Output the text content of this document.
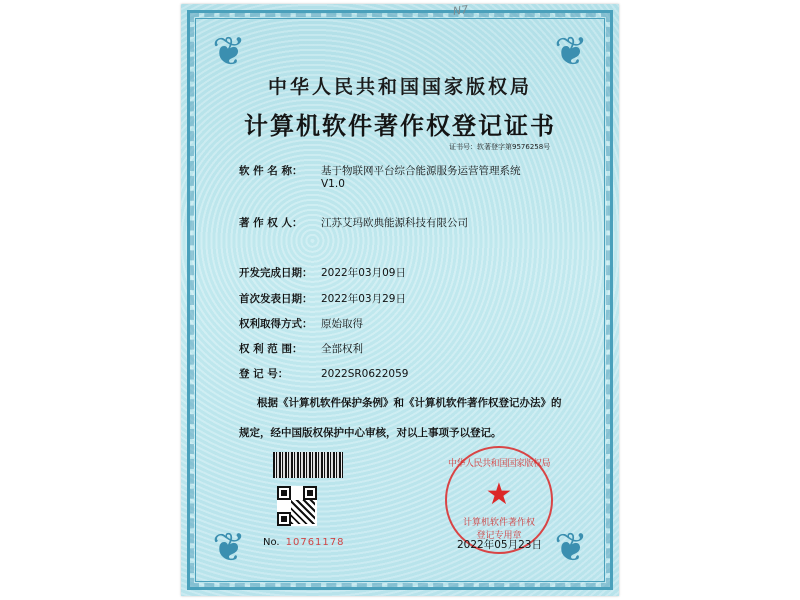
❦	❦
❦	❦
N7
中华人民共和国国家版权局
计算机软件著作权登记证书
证书号：软著登字第9576258号
软 件 名 称： 基于物联网平台综合能源服务运营管理系统
V1.0
著 作 权 人： 江苏艾玛欧典能源科技有限公司
开发完成日期： 2022年03月09日
首次发表日期： 2022年03月29日
权利取得方式： 原始取得
权 利 范 围： 全部权利
登 记 号：	2022SR0622059
根据《计算机软件保护条例》和《计算机软件著作权登记办法》的
规定，经中国版权保护中心审核，对以上事项予以登记。
No. 10761178
中华人民共和国国家版权局
★
计算机软件著作权
登记专用章
2022年05月23日
